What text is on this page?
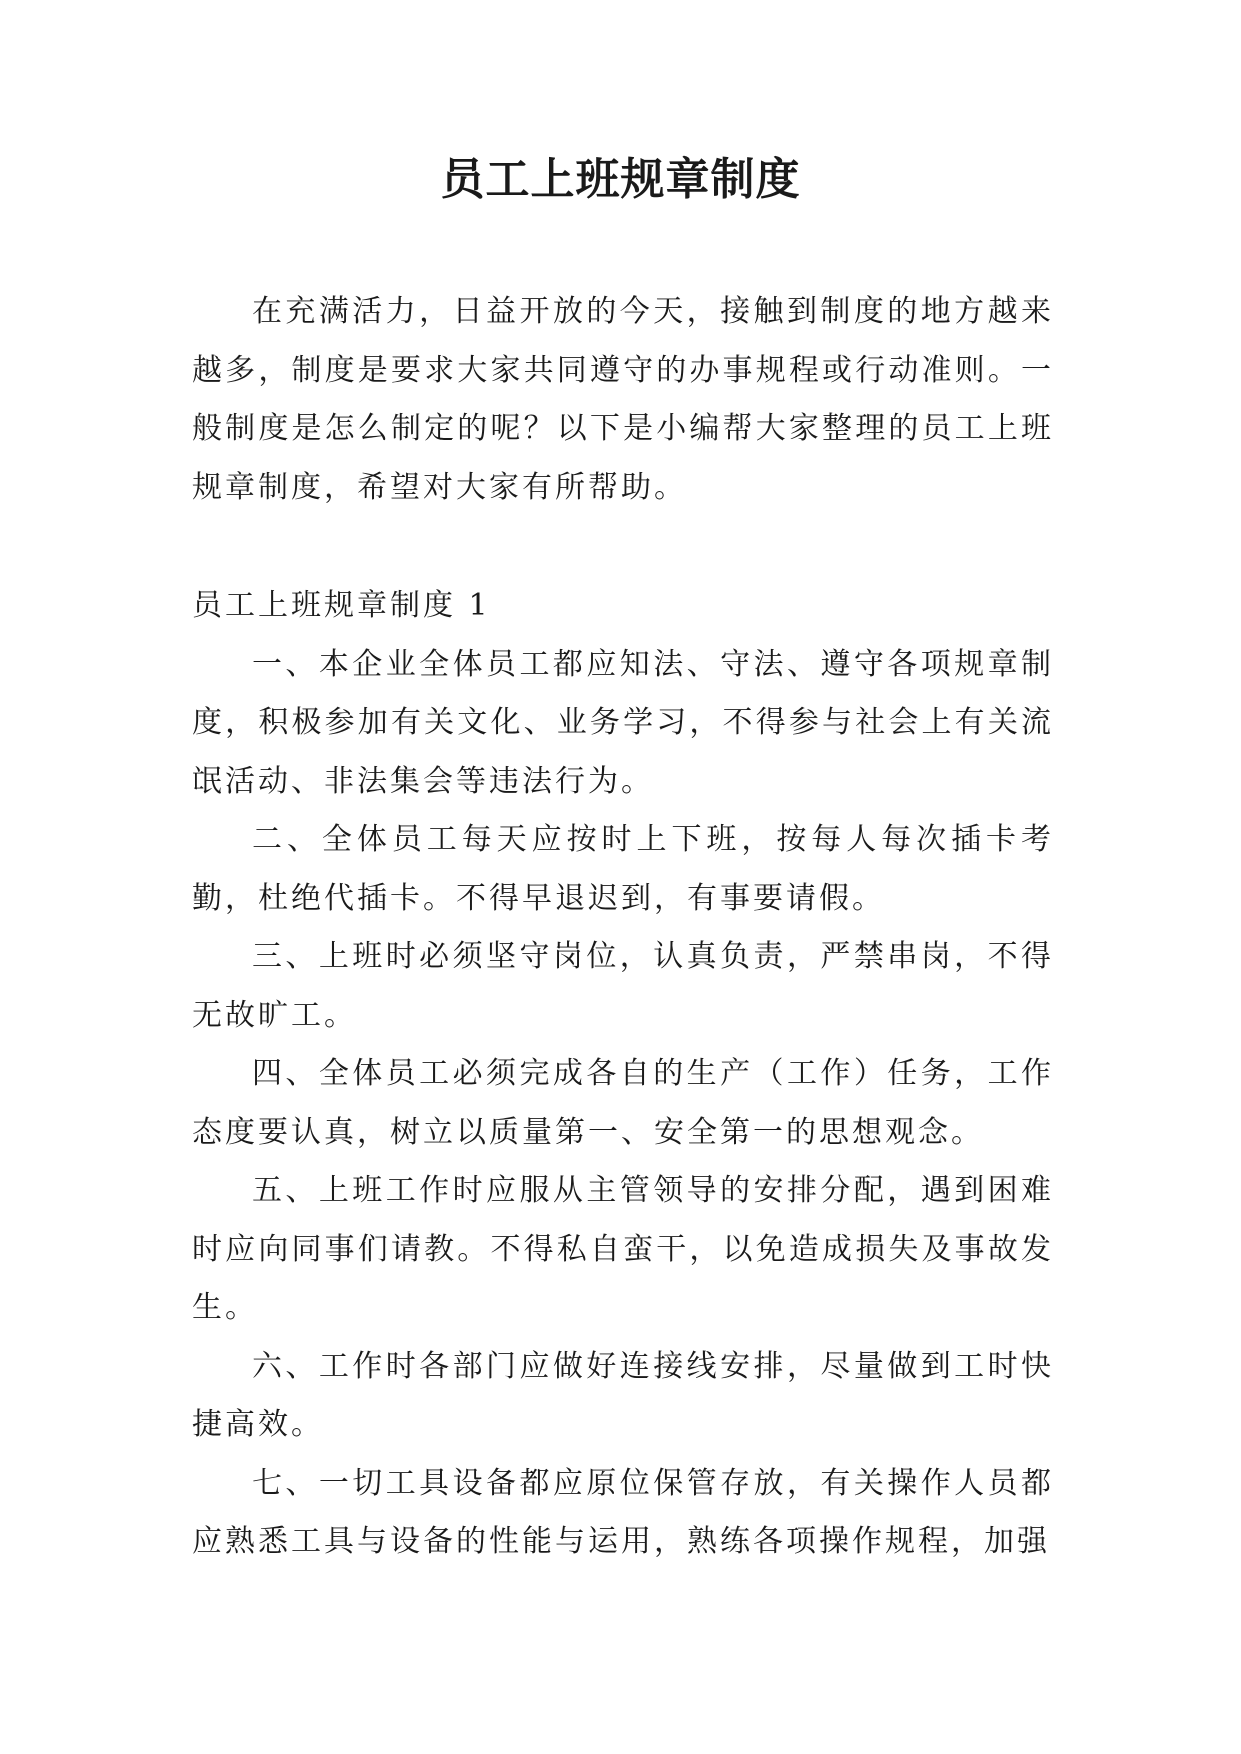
员工上班规章制度

在充满活力，日益开放的今天，接触到制度的地方越来越多，制度是要求大家共同遵守的办事规程或行动准则。一般制度是怎么制定的呢？以下是小编帮大家整理的员工上班规章制度，希望对大家有所帮助。

员工上班规章制度 1

一、本企业全体员工都应知法、守法、遵守各项规章制度，积极参加有关文化、业务学习，不得参与社会上有关流氓活动、非法集会等违法行为。

二、全体员工每天应按时上下班，按每人每次插卡考勤，杜绝代插卡。不得早退迟到，有事要请假。

三、上班时必须坚守岗位，认真负责，严禁串岗，不得无故旷工。

四、全体员工必须完成各自的生产（工作）任务，工作态度要认真，树立以质量第一、安全第一的思想观念。

五、上班工作时应服从主管领导的安排分配，遇到困难时应向同事们请教。不得私自蛮干，以免造成损失及事故发生。

六、工作时各部门应做好连接线安排，尽量做到工时快捷高效。

七、一切工具设备都应原位保管存放，有关操作人员都应熟悉工具与设备的性能与运用，熟练各项操作规程，加强
